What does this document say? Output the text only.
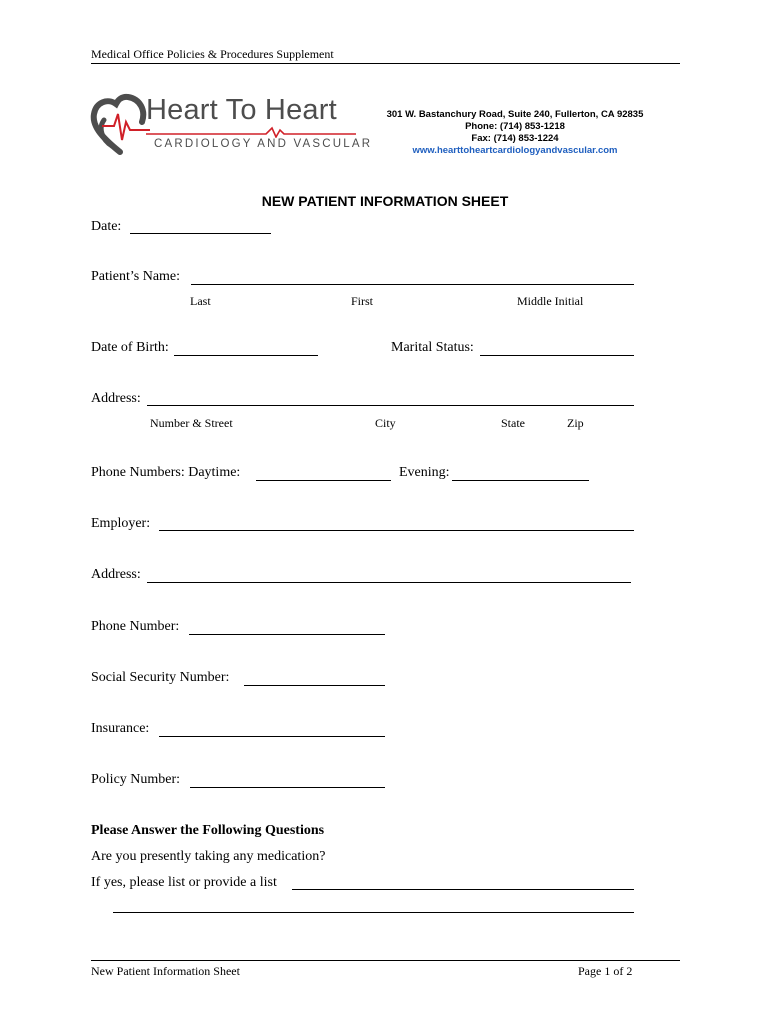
Medical Office Policies & Procedures Supplement
Heart To Heart
CARDIOLOGY AND VASCULAR
301 W. Bastanchury Road, Suite 240, Fullerton, CA 92835
Phone: (714) 853-1218
Fax: (714) 853-1224
www.hearttoheartcardiologyandvascular.com
NEW PATIENT INFORMATION SHEET
Date:
Patient’s Name:
Last	First	Middle Initial
Date of Birth:	Marital Status:
Address:
Number & Street	City	State	Zip
Phone Numbers: Daytime:	Evening:
Employer:
Address:
Phone Number:
Social Security Number:
Insurance:
Policy Number:
Please Answer the Following Questions
Are you presently taking any medication?
If yes, please list or provide a list
New Patient Information Sheet	Page 1 of 2
